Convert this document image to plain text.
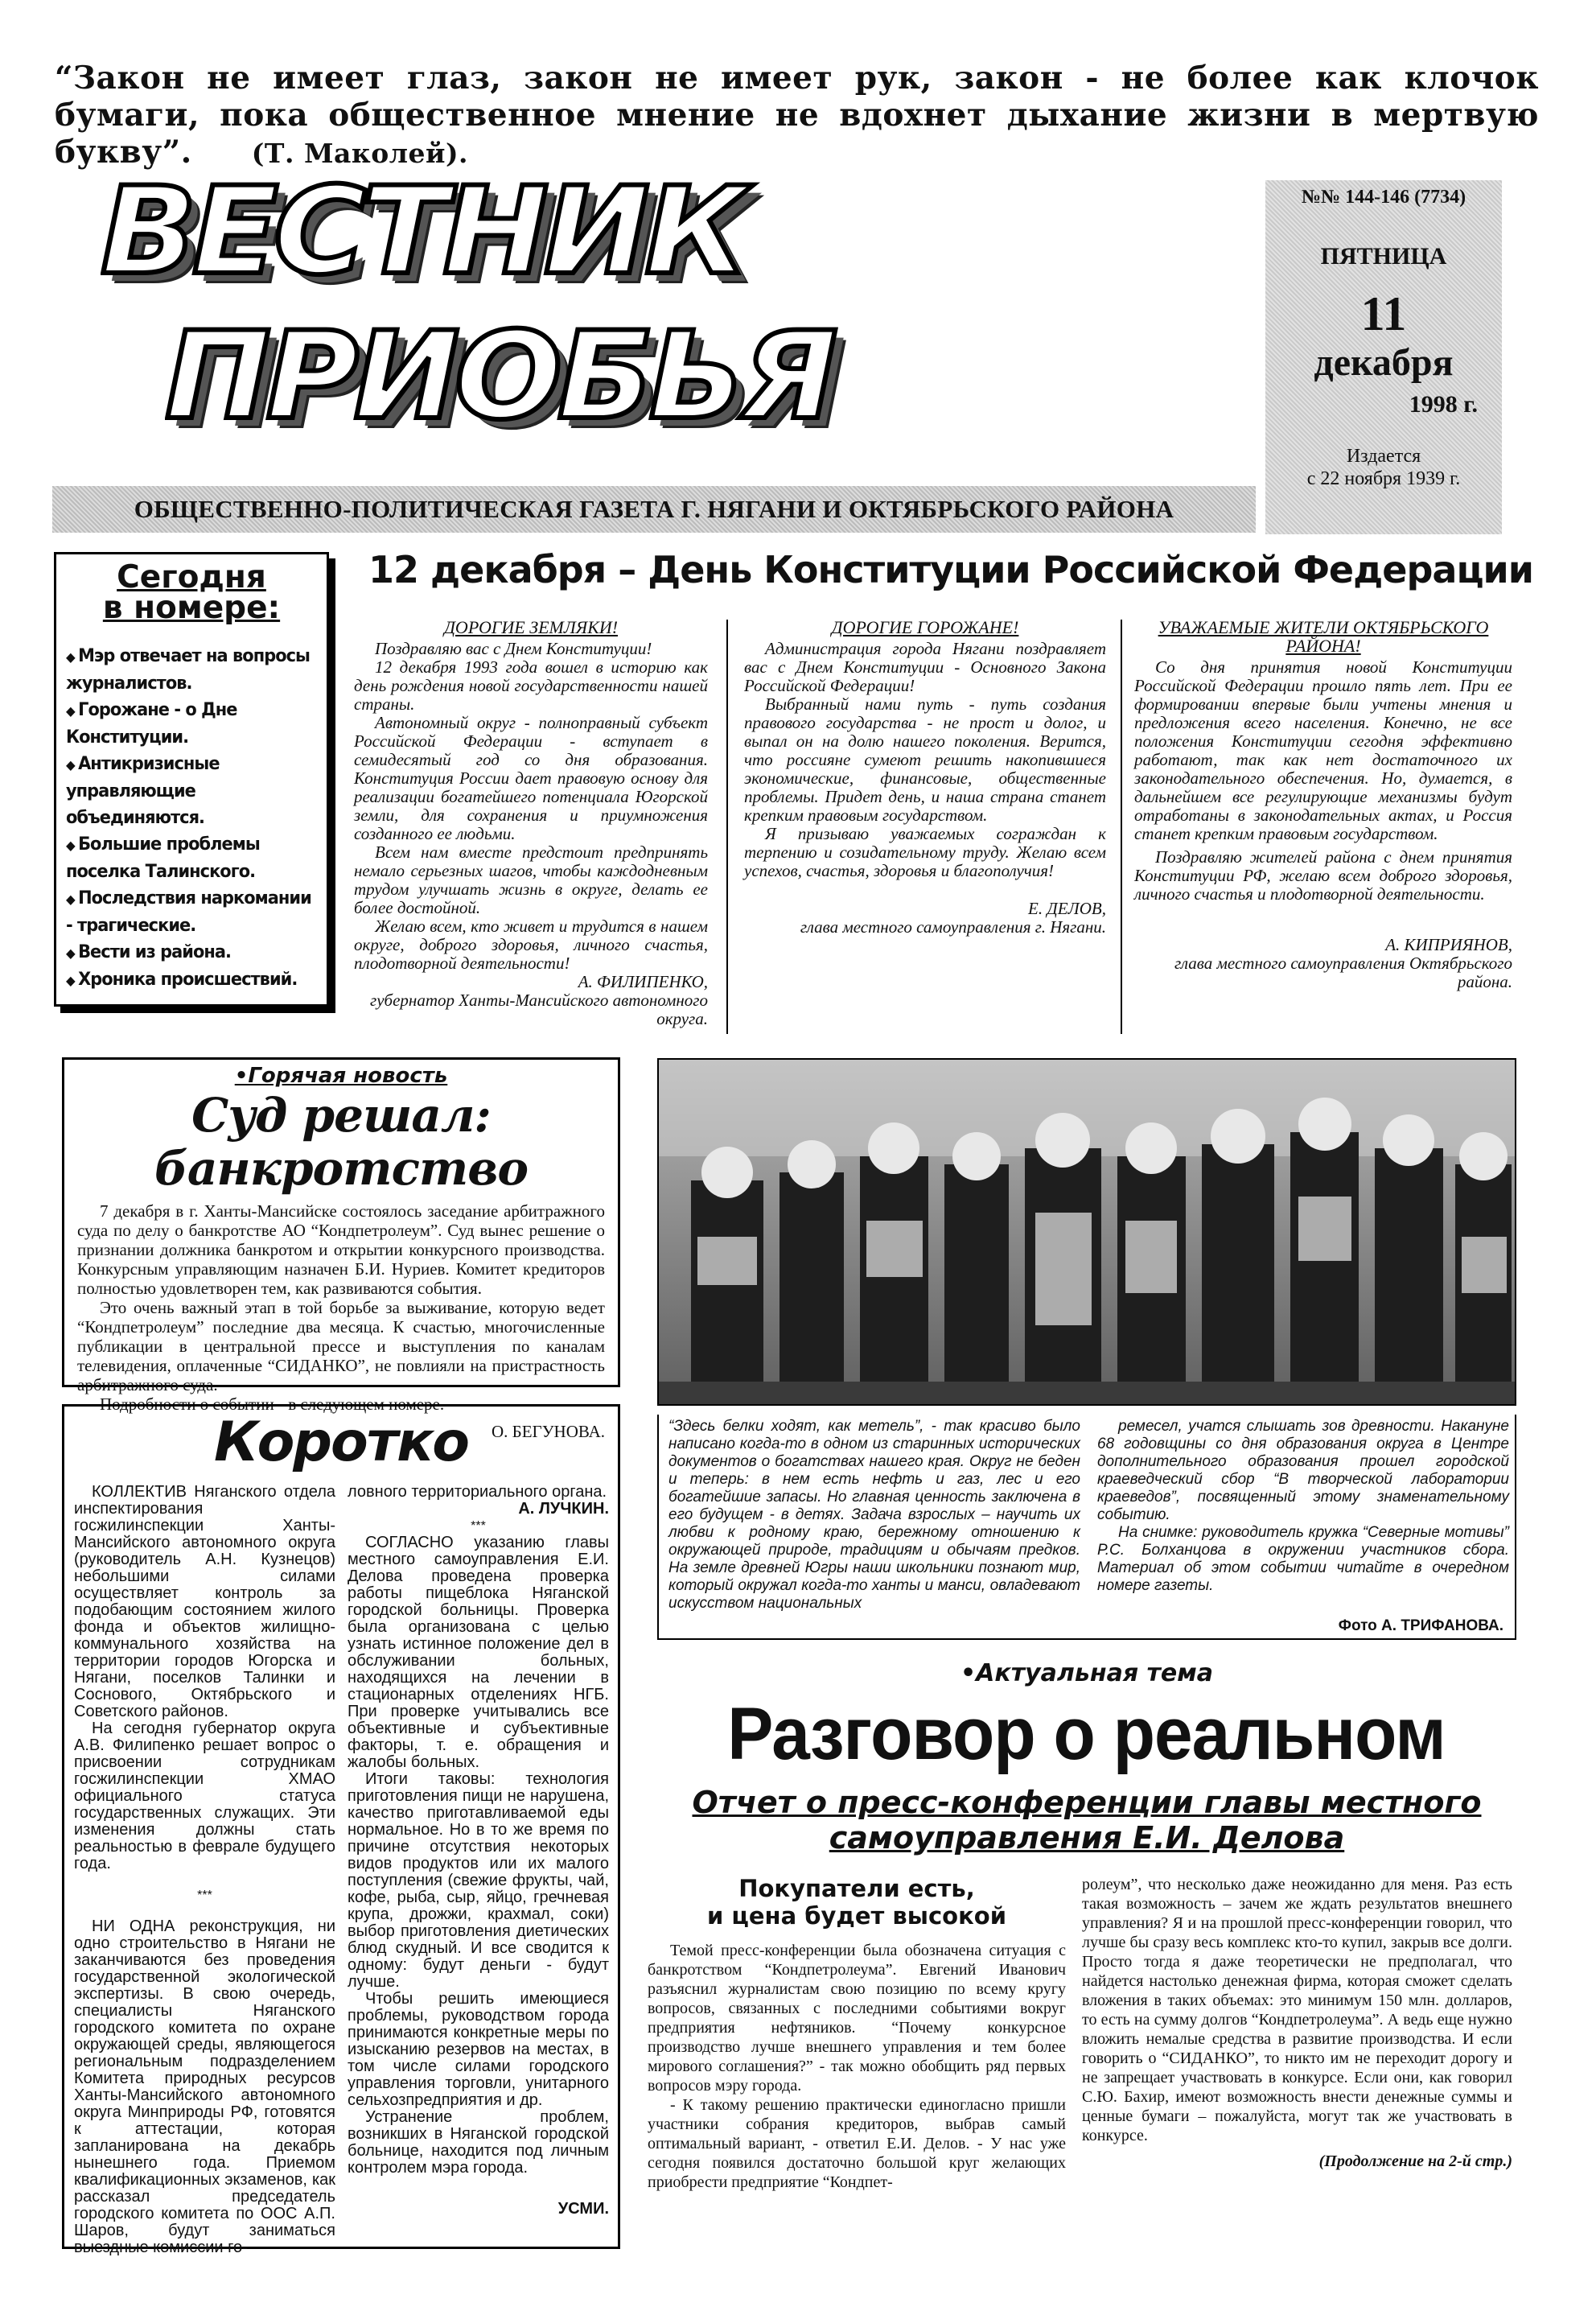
“Закон не имеет глаз, закон не имеет рук, закон - не более как клочок бумаги, пока общественное мнение не вдохнет дыхание жизни в мертвую букву”. (Т. Маколей).
ВЕСТНИК
ПРИОБЬЯ
№№ 144-146 (7734)
ПЯТНИЦА
11
декабря
1998 г.
Издается
с 22 ноября 1939 г.
ОБЩЕСТВЕННО-ПОЛИТИЧЕСКАЯ ГАЗЕТА Г. НЯГАНИ И ОКТЯБРЬСКОГО РАЙОНА
Сегодня
в номере:
◆ Мэр отвечает на вопросы журналистов.
◆ Горожане - о Дне Конституции.
◆ Антикризисные управляющие объединяются.
◆ Большие проблемы поселка Талинского.
◆ Последствия наркомании - трагические.
◆ Вести из района.
◆ Хроника происшествий.
12 декабря – День Конституции Российской Федерации
ДОРОГИЕ ЗЕМЛЯКИ!
Поздравляю вас с Днем Конституции!
12 декабря 1993 года вошел в историю как день рождения новой государственности нашей страны.
Автономный округ - полноправный субъект Российской Федерации - вступает в семидесятый год со дня образования. Конституция России дает правовую основу для реализации богатейшего потенциала Югорской земли, для сохранения и приумножения созданного ее людьми.
Всем нам вместе предстоит предпринять немало серьезных шагов, чтобы каждодневным трудом улучшать жизнь в округе, делать ее более достойной.
Желаю всем, кто живет и трудится в нашем округе, доброго здоровья, личного счастья, плодотворной деятельности!
А. ФИЛИПЕНКО,
губернатор Ханты-Мансийского автономного округа.
ДОРОГИЕ ГОРОЖАНЕ!
Администрация города Нягани поздравляет вас с Днем Конституции - Основного Закона Российской Федерации!
Выбранный нами путь - путь создания правового государства - не прост и долог, и выпал он на долю нашего поколения. Верится, что россияне сумеют решить накопившиеся экономические, финансовые, общественные проблемы. Придет день, и наша страна станет крепким правовым государством.
Я призываю уважаемых сограждан к терпению и созидательному труду. Желаю всем успехов, счастья, здоровья и благополучия!
Е. ДЕЛОВ,
глава местного самоуправления г. Нягани.
УВАЖАЕМЫЕ ЖИТЕЛИ ОКТЯБРЬСКОГО РАЙОНА!
Со дня принятия новой Конституции Российской Федерации прошло пять лет. При ее формировании впервые были учтены мнения и предложения всего населения. Конечно, не все положения Конституции сегодня эффективно работают, так как нет достаточного их законодательного обеспечения. Но, думается, в дальнейшем все регулирующие механизмы будут отработаны в законодательных актах, и Россия станет крепким правовым государством.
Поздравляю жителей района с днем принятия Конституции РФ, желаю всем доброго здоровья, личного счастья и плодотворной деятельности.
А. КИПРИЯНОВ,
глава местного самоуправления Октябрьского района.
•Горячая новость
Суд решал: банкротство

7 декабря в г. Ханты-Мансийске состоялось заседание арбитражного суда по делу о банкротстве АО “Кондпетролеум”. Суд вынес решение о признании должника банкротом и открытии конкурсного производства. Конкурсным управляющим назначен Б.И. Нуриев. Комитет кредиторов полностью удовлетворен тем, как развиваются события.

Это очень важный этап в той борьбе за выживание, которую ведет “Кондпетролеум” последние два месяца. К счастью, многочисленные публикации в центральной прессе и выступления по каналам телевидения, оплаченные “СИДАНКО”, не повлияли на пристрастность арбитражного суда.

Подробности о событии - в следующем номере.

О. БЕГУНОВА.	“Здесь белки ходят, как метель”, - так красиво было написано когда-то в одном из старинных исторических документов о богатствах нашего края. Округ не беден и теперь: в нем есть нефть и газ, лес и его богатейшие запасы. Но главная ценность заключена в его будущем - в детях. Задача взрослых – научить их любви к родному краю, бережному отношению к окружающей природе, традициям и обычаям предков. На земле древней Югры наши школьники познают мир, который окружал когда-то ханты и манси, овладевают искусством национальных
ремесел, учатся слышать зов древности. Накануне 68 годовщины со дня образования округа в Центре дополнительного образования прошел городской краеведческий сбор “В творческой лаборатории краеведов”, посвященный этому знаменательному событию.
На снимке: руководитель кружка “Северные мотивы” Р.С. Болханцова в окружении участников сбора. Материал об этом событии читайте в очередном номере газеты.
Фото А. ТРИФАНОВА.
Коротко
КОЛЛЕКТИВ Няганского отдела инспектирования госжилинспекции Ханты-Мансийского автономного округа (руководитель А.Н. Кузнецов) небольшими силами осуществляет контроль за подобающим состоянием жилого фонда и объектов жилищно-коммунального хозяйства на территории городов Югорска и Нягани, поселков Талинки и Соснового, Октябрьского и Советского районов.
На сегодня губернатор округа А.В. Филипенко решает вопрос о присвоении сотрудникам госжилинспекции ХМАО официального статуса государственных служащих. Эти изменения должны стать реальностью в феврале будущего года.
***
НИ ОДНА реконструкция, ни одно строительство в Нягани не заканчиваются без проведения государственной экологической экспертизы. В свою очередь, специалисты Няганского городского комитета по охране окружающей среды, являющегося региональным подразделением Комитета природных ресурсов Ханты-Мансийского автономного округа Минприроды РФ, готовятся к аттестации, которая запланирована на декабрь нынешнего года. Приемом квалификационных экзаменов, как рассказал председатель городского комитета по ООС А.П. Шаров, будут заниматься выездные комиссии го-
ловного территориального органа.
А. ЛУЧКИН.
***
СОГЛАСНО указанию главы местного самоуправления Е.И. Делова проведена проверка работы пищеблока Няганской городской больницы. Проверка была организована с целью узнать истинное положение дел в обслуживании больных, находящихся на лечении в стационарных отделениях НГБ. При проверке учитывались все объективные и субъективные факторы, т. е. обращения и жалобы больных.
Итоги таковы: технология приготовления пищи не нарушена, качество приготавливаемой еды нормальное. Но в то же время по причине отсутствия некоторых видов продуктов или их малого поступления (свежие фрукты, чай, кофе, рыба, сыр, яйцо, гречневая крупа, дрожжи, крахмал, соки) выбор приготовления диетических блюд скудный. И все сводится к одному: будут деньги - будут лучше.
Чтобы решить имеющиеся проблемы, руководством города принимаются конкретные меры по изысканию резервов на местах, в том числе силами городского управления торговли, унитарного сельхозпредприятия и др.
Устранение проблем, возникших в Няганской городской больнице, находится под личным контролем мэра города.
УСМИ.
•Актуальная тема
Разговор о реальном
Отчет о пресс-конференции главы местного
самоуправления Е.И. Делова
Покупатели есть,
и цена будет высокой
Темой пресс-конференции была обозначена ситуация с банкротством “Кондпетролеума”. Евгений Иванович разъяснил журналистам свою позицию по всему кругу вопросов, связанных с последними событиями вокруг предприятия нефтяников. “Почему конкурсное производство лучше внешнего управления и тем более мирового соглашения?” - так можно обобщить ряд первых вопросов мэру города.
- К такому решению практически единогласно пришли участники собрания кредиторов, выбрав самый оптимальный вариант, - ответил Е.И. Делов. - У нас уже сегодня появился достаточно большой круг желающих приобрести предприятие “Кондпет-
ролеум”, что несколько даже неожиданно для меня. Раз есть такая возможность – зачем же ждать результатов внешнего управления? Я и на прошлой пресс-конференции говорил, что лучше бы сразу весь комплекс кто-то купил, закрыв все долги. Просто тогда я даже теоретически не предполагал, что найдется настолько денежная фирма, которая сможет сделать вложения в таких объемах: это минимум 150 млн. долларов, то есть на сумму долгов “Кондпетролеума”. А ведь еще нужно вложить немалые средства в развитие производства. И если говорить о “СИДАНКО”, то никто им не переходит дорогу и не запрещает участвовать в конкурсе. Если они, как говорил С.Ю. Бахир, имеют возможность внести денежные суммы и ценные бумаги – пожалуйста, могут так же участвовать в конкурсе.
(Продолжение на 2-й стр.)
